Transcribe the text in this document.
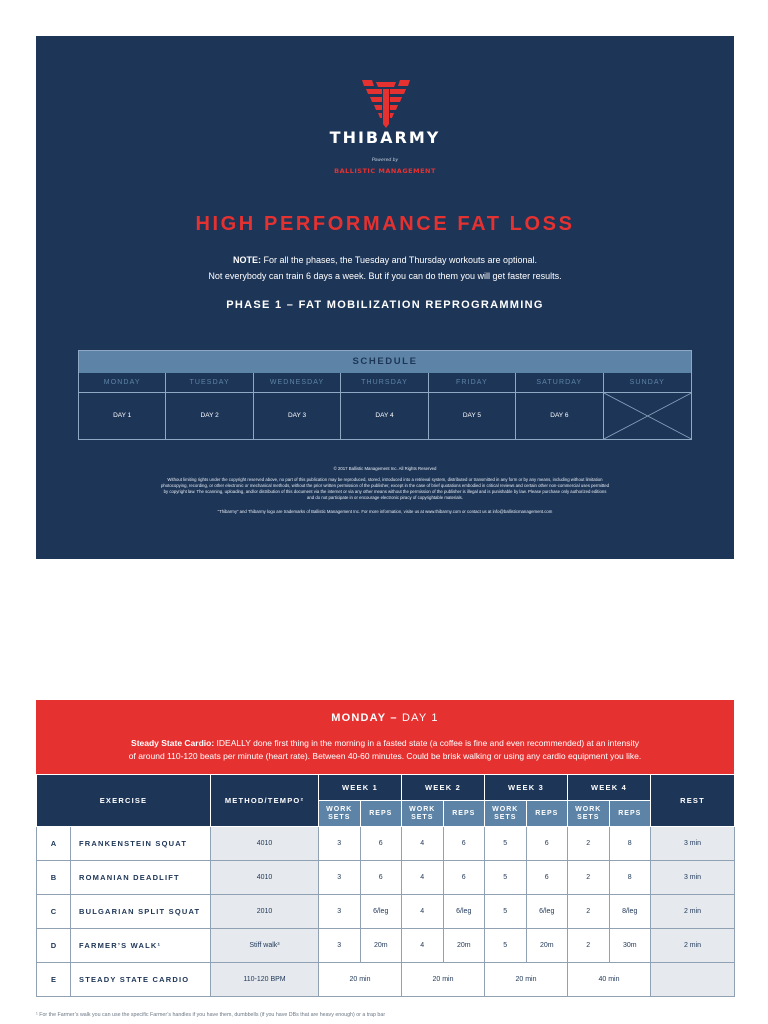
THIBARMY
Powered by
BALLISTIC MANAGEMENT
HIGH PERFORMANCE FAT LOSS
NOTE: For all the phases, the Tuesday and Thursday workouts are optional.
Not everybody can train 6 days a week. But if you can do them you will get faster results.
PHASE 1 – FAT MOBILIZATION REPROGRAMMING
SCHEDULE
MONDAY	TUESDAY	WEDNESDAY	THURSDAY	FRIDAY	SATURDAY	SUNDAY
DAY 1	DAY 2	DAY 3	DAY 4	DAY 5	DAY 6
© 2017 Ballistic Management Inc. All Rights Reserved
Without limiting rights under the copyright reserved above, no part of this publication may be reproduced, stored, introduced into a retrieval system, distributed or transmitted in any form or by any means, including without limitation
photocopying, recording, or other electronic or mechanical methods, without the prior written permission of the publisher, except in the case of brief quotations embodied in critical reviews and certain other non-commercial uses permitted
by copyright law. The scanning, uploading, and/or distribution of this document via the internet or via any other means without the permission of the publisher is illegal and is punishable by law. Please purchase only authorized editions
and do not participate in or encourage electronic piracy of copyrightable materials.
“Thibarmy” and Thibarmy logo are trademarks of Ballistic Management Inc. For more information, visite us at www.thibarmy.com or contact us at info@ballisticmanagement.com
MONDAY – DAY 1
Steady State Cardio: IDEALLY done first thing in the morning in a fasted state (a coffee is fine and even recommended) at an intensity
of around 110-120 beats per minute (heart rate). Between 40-60 minutes. Could be brisk walking or using any cardio equipment you like.
EXERCISE		METHOD/TEMPO²	WEEK 1		WEEK 2		WEEK 3		WEEK 4		REST
			WORK SETS	REPS	WORK SETS	REPS	WORK SETS	REPS	WORK SETS	REPS	
A	FRANKENSTEIN SQUAT	4010	3	6	4	6	5	6	2	8	3 min
B	ROMANIAN DEADLIFT	4010	3	6	4	6	5	6	2	8	3 min
C	BULGARIAN SPLIT SQUAT	2010	3	6/leg	4	6/leg	5	6/leg	2	8/leg	2 min
D	FARMER’S WALK¹	Stiff walk³	3	20m	4	20m	5	20m	2	30m	2 min
E	STEADY STATE CARDIO	110-120 BPM	20 min		20 min		20 min		40 min		
¹ For the Farmer’s walk you can use the specific Farmer’s handles if you have them, dumbbells (if you have DBs that are heavy enough) or a trap bar
